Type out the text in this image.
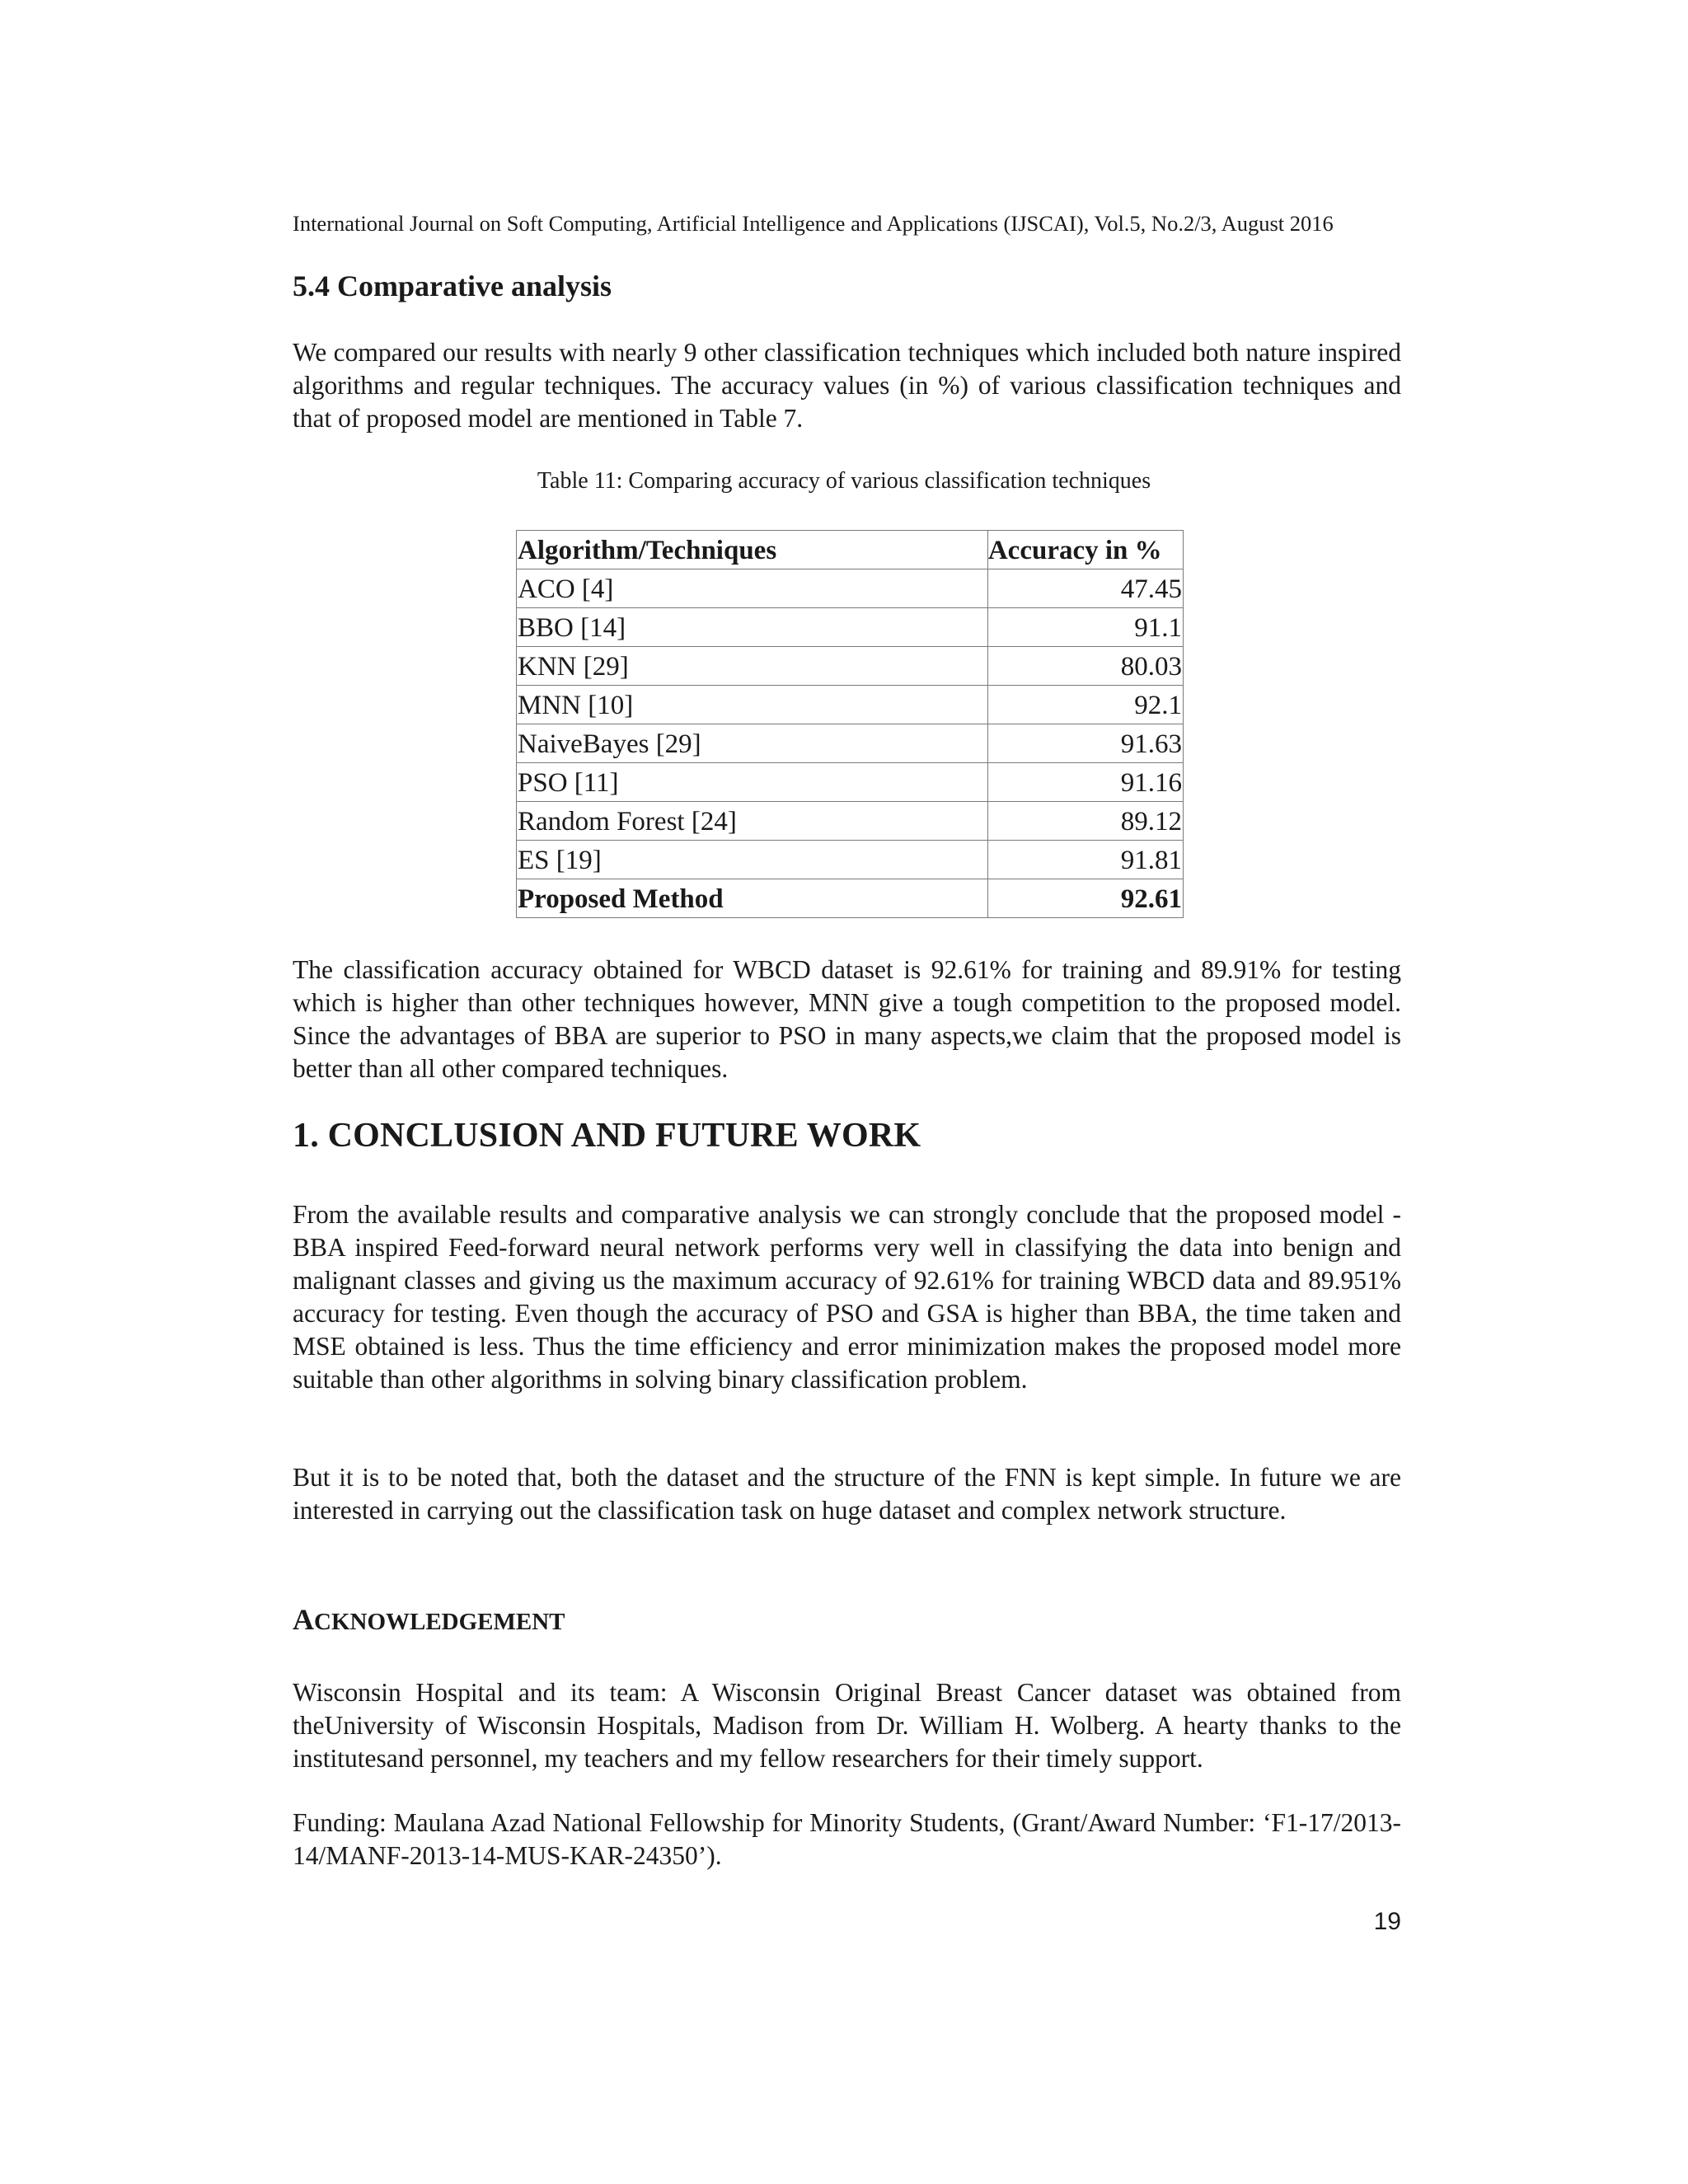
International Journal on Soft Computing, Artificial Intelligence and Applications (IJSCAI), Vol.5, No.2/3, August 2016
5.4 Comparative analysis

We compared our results with nearly 9 other classification techniques which included both nature inspired algorithms and regular techniques. The accuracy values (in %) of various classification techniques and that of proposed model are mentioned in Table 7.

Table 11: Comparing accuracy of various classification techniques
Algorithm/Techniques	Accuracy in %
ACO [4]	47.45
BBO [14]	91.1
KNN [29]	80.03
MNN [10]	92.1
NaiveBayes [29]	91.63
PSO [11]	91.16
Random Forest [24]	89.12
ES [19]	91.81
Proposed Method	92.61

The classification accuracy obtained for WBCD dataset is 92.61% for training and 89.91% for testing which is higher than other techniques however, MNN give a tough competition to the proposed model. Since the advantages of BBA are superior to PSO in many aspects,we claim that the proposed model is better than all other compared techniques.

1. CONCLUSION AND FUTURE WORK

From the available results and comparative analysis we can strongly conclude that the proposed model - BBA inspired Feed-forward neural network performs very well in classifying the data into benign and malignant classes and giving us the maximum accuracy of 92.61% for training WBCD data and 89.951% accuracy for testing. Even though the accuracy of PSO and GSA is higher than BBA, the time taken and MSE obtained is less. Thus the time efficiency and error minimization makes the proposed model more suitable than other algorithms in solving binary classification problem.

But it is to be noted that, both the dataset and the structure of the FNN is kept simple. In future we are interested in carrying out the classification task on huge dataset and complex network structure.

ACKNOWLEDGEMENT

Wisconsin Hospital and its team: A Wisconsin Original Breast Cancer dataset was obtained from theUniversity of Wisconsin Hospitals, Madison from Dr. William H. Wolberg. A hearty thanks to the institutesand personnel, my teachers and my fellow researchers for their timely support.

Funding: Maulana Azad National Fellowship for Minority Students, (Grant/Award Number: ‘F1-17/2013-14/MANF-2013-14-MUS-KAR-24350’).

19
